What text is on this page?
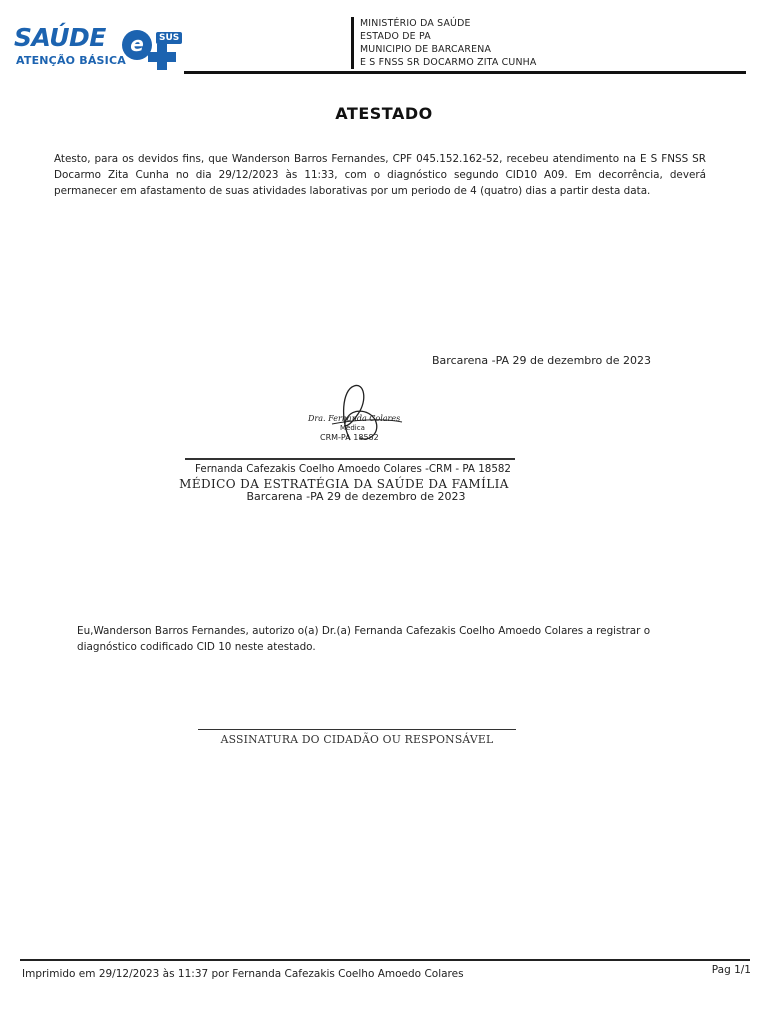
SAÚDE	e	SUS
ATENÇÃO BÁSICA
MINISTÉRIO DA SAÚDE
ESTADO DE PA
MUNICIPIO DE BARCARENA
E S FNSS SR DOCARMO ZITA CUNHA
ATESTADO
Atesto, para os devidos fins, que Wanderson Barros Fernandes, CPF 045.152.162-52, recebeu atendimento na E S FNSS SR Docarmo Zita Cunha no dia 29/12/2023 às 11:33, com o diagnóstico segundo CID10 A09. Em decorrência, deverá permanecer em afastamento de suas atividades laborativas por um periodo de 4 (quatro) dias a partir desta data.
Barcarena -PA 29 de dezembro de 2023
Dra. Fernanda Colares
Médica
CRM-PA 18582
Fernanda Cafezakis Coelho Amoedo Colares -CRM - PA 18582
MÉDICO DA ESTRATÉGIA DA SAÚDE DA FAMÍLIA
Barcarena -PA 29 de dezembro de 2023
Eu,Wanderson Barros Fernandes, autorizo o(a) Dr.(a) Fernanda Cafezakis Coelho Amoedo Colares a registrar o diagnóstico codificado CID 10 neste atestado.
ASSINATURA DO CIDADÃO OU RESPONSÁVEL
Imprimido em 29/12/2023 às 11:37 por Fernanda Cafezakis Coelho Amoedo Colares	Pag 1/1
